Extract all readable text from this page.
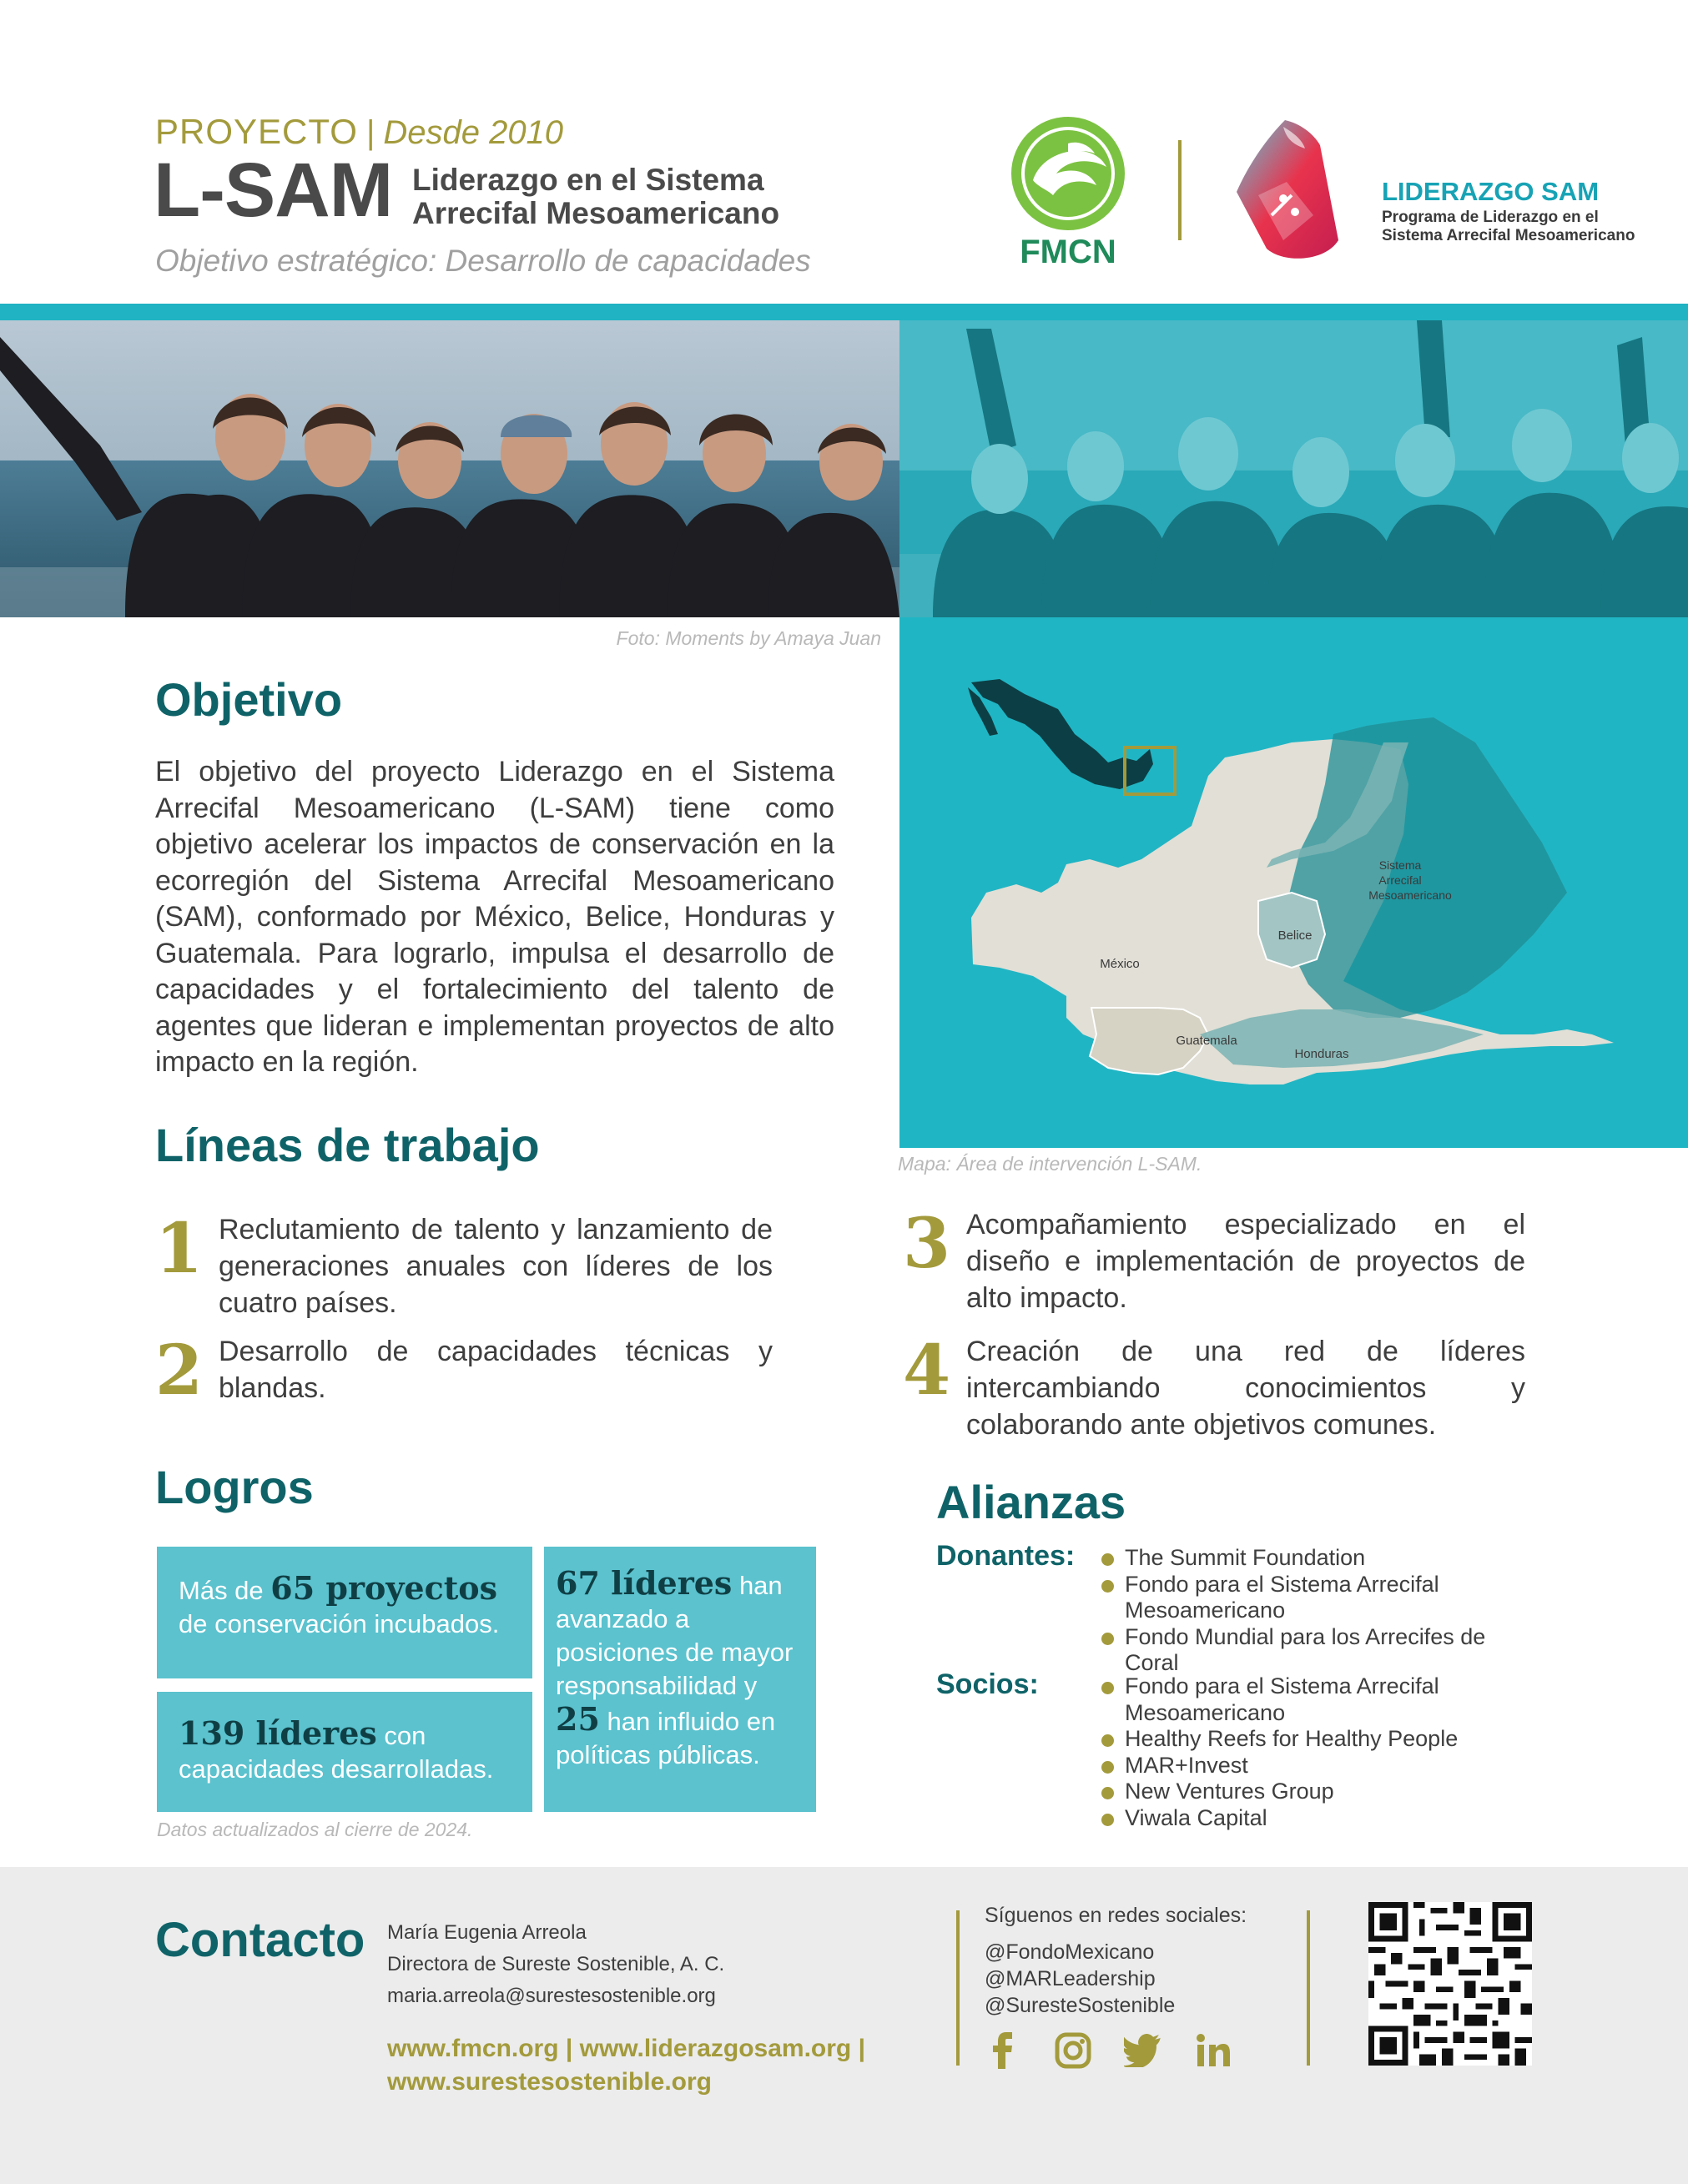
PROYECTO | Desde 2010
L-SAM Liderazgo en el Sistema
Arrecifal Mesoamericano
Objetivo estratégico: Desarrollo de capacidades	FMCN
LIDERAZGO SAM
Programa de Liderazgo en el
Sistema Arrecifal Mesoamericano
Foto: Moments by Amaya Juan
Sistema
Arrecifal
Mesoamericano
México
Belice
Guatemala
Honduras
Mapa: Área de intervención L-SAM.
Objetivo
El objetivo del proyecto Liderazgo en el Sistema Arrecifal Mesoamericano (L-SAM) tiene como objetivo acelerar los impactos de conservación en la ecorregión del Sistema Arrecifal Mesoamericano (SAM), conformado por México, Belice, Honduras y Guatemala. Para lograrlo, impulsa el desarrollo de capacidades y el fortalecimiento del talento de agentes que lideran e implementan proyectos de alto impacto en la región.
Líneas de trabajo
1 Reclutamiento de talento y lanzamiento de generaciones anuales con líderes de los cuatro países.
2 Desarrollo de capacidades técnicas y blandas.
3 Acompañamiento especializado en el diseño e implementación de proyectos de alto impacto.
4 Creación de una red de líderes intercambiando conocimientos y colaborando ante objetivos comunes.
Logros
Más de 65 proyectos de conservación incubados.
139 líderes con capacidades desarrolladas.
67 líderes han avanzado a posiciones de mayor responsabilidad y 25 han influido en políticas públicas.
Datos actualizados al cierre de 2024.
Alianzas
Donantes:	The Summit Foundation
Fondo para el Sistema Arrecifal Mesoamericano
Fondo Mundial para los Arrecifes de Coral
Socios:	Fondo para el Sistema Arrecifal Mesoamericano
Healthy Reefs for Healthy People
MAR+Invest
New Ventures Group
Viwala Capital
Contacto María Eugenia Arreola
Directora de Sureste Sostenible, A. C.
maria.arreola@surestesostenible.org
www.fmcn.org | www.liderazgosam.org |
www.surestesostenible.org
Síguenos en redes sociales:
@FondoMexicano
@MARLeadership
@SuresteSostenible
